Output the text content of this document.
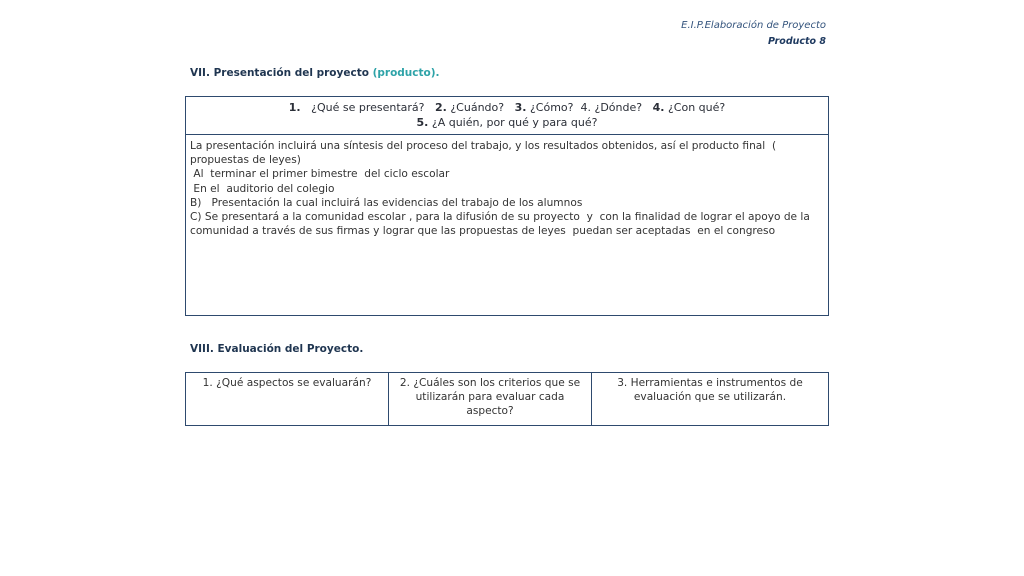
E.I.P.Elaboración de Proyecto
Producto 8
VII. Presentación del proyecto (producto).
1. ¿Qué se presentará? 2. ¿Cuándo? 3. ¿Cómo? 4. ¿Dónde? 4. ¿Con qué?
5. ¿A quién, por qué y para qué?
La presentación incluirá una síntesis del proceso del trabajo, y los resultados obtenidos, así el producto final  ( propuestas de leyes)
Al  terminar el primer bimestre  del ciclo escolar
En el  auditorio del colegio
B)   Presentación la cual incluirá las evidencias del trabajo de los alumnos
C) Se presentará a la comunidad escolar , para la difusión de su proyecto  y  con la finalidad de lograr el apoyo de la comunidad a través de sus firmas y lograr que las propuestas de leyes  puedan ser aceptadas  en el congreso
VIII. Evaluación del Proyecto.
1. ¿Qué aspectos se evaluarán?	2. ¿Cuáles son los criterios que se utilizarán para evaluar cada aspecto?
3. Herramientas e instrumentos de evaluación que se utilizarán.
